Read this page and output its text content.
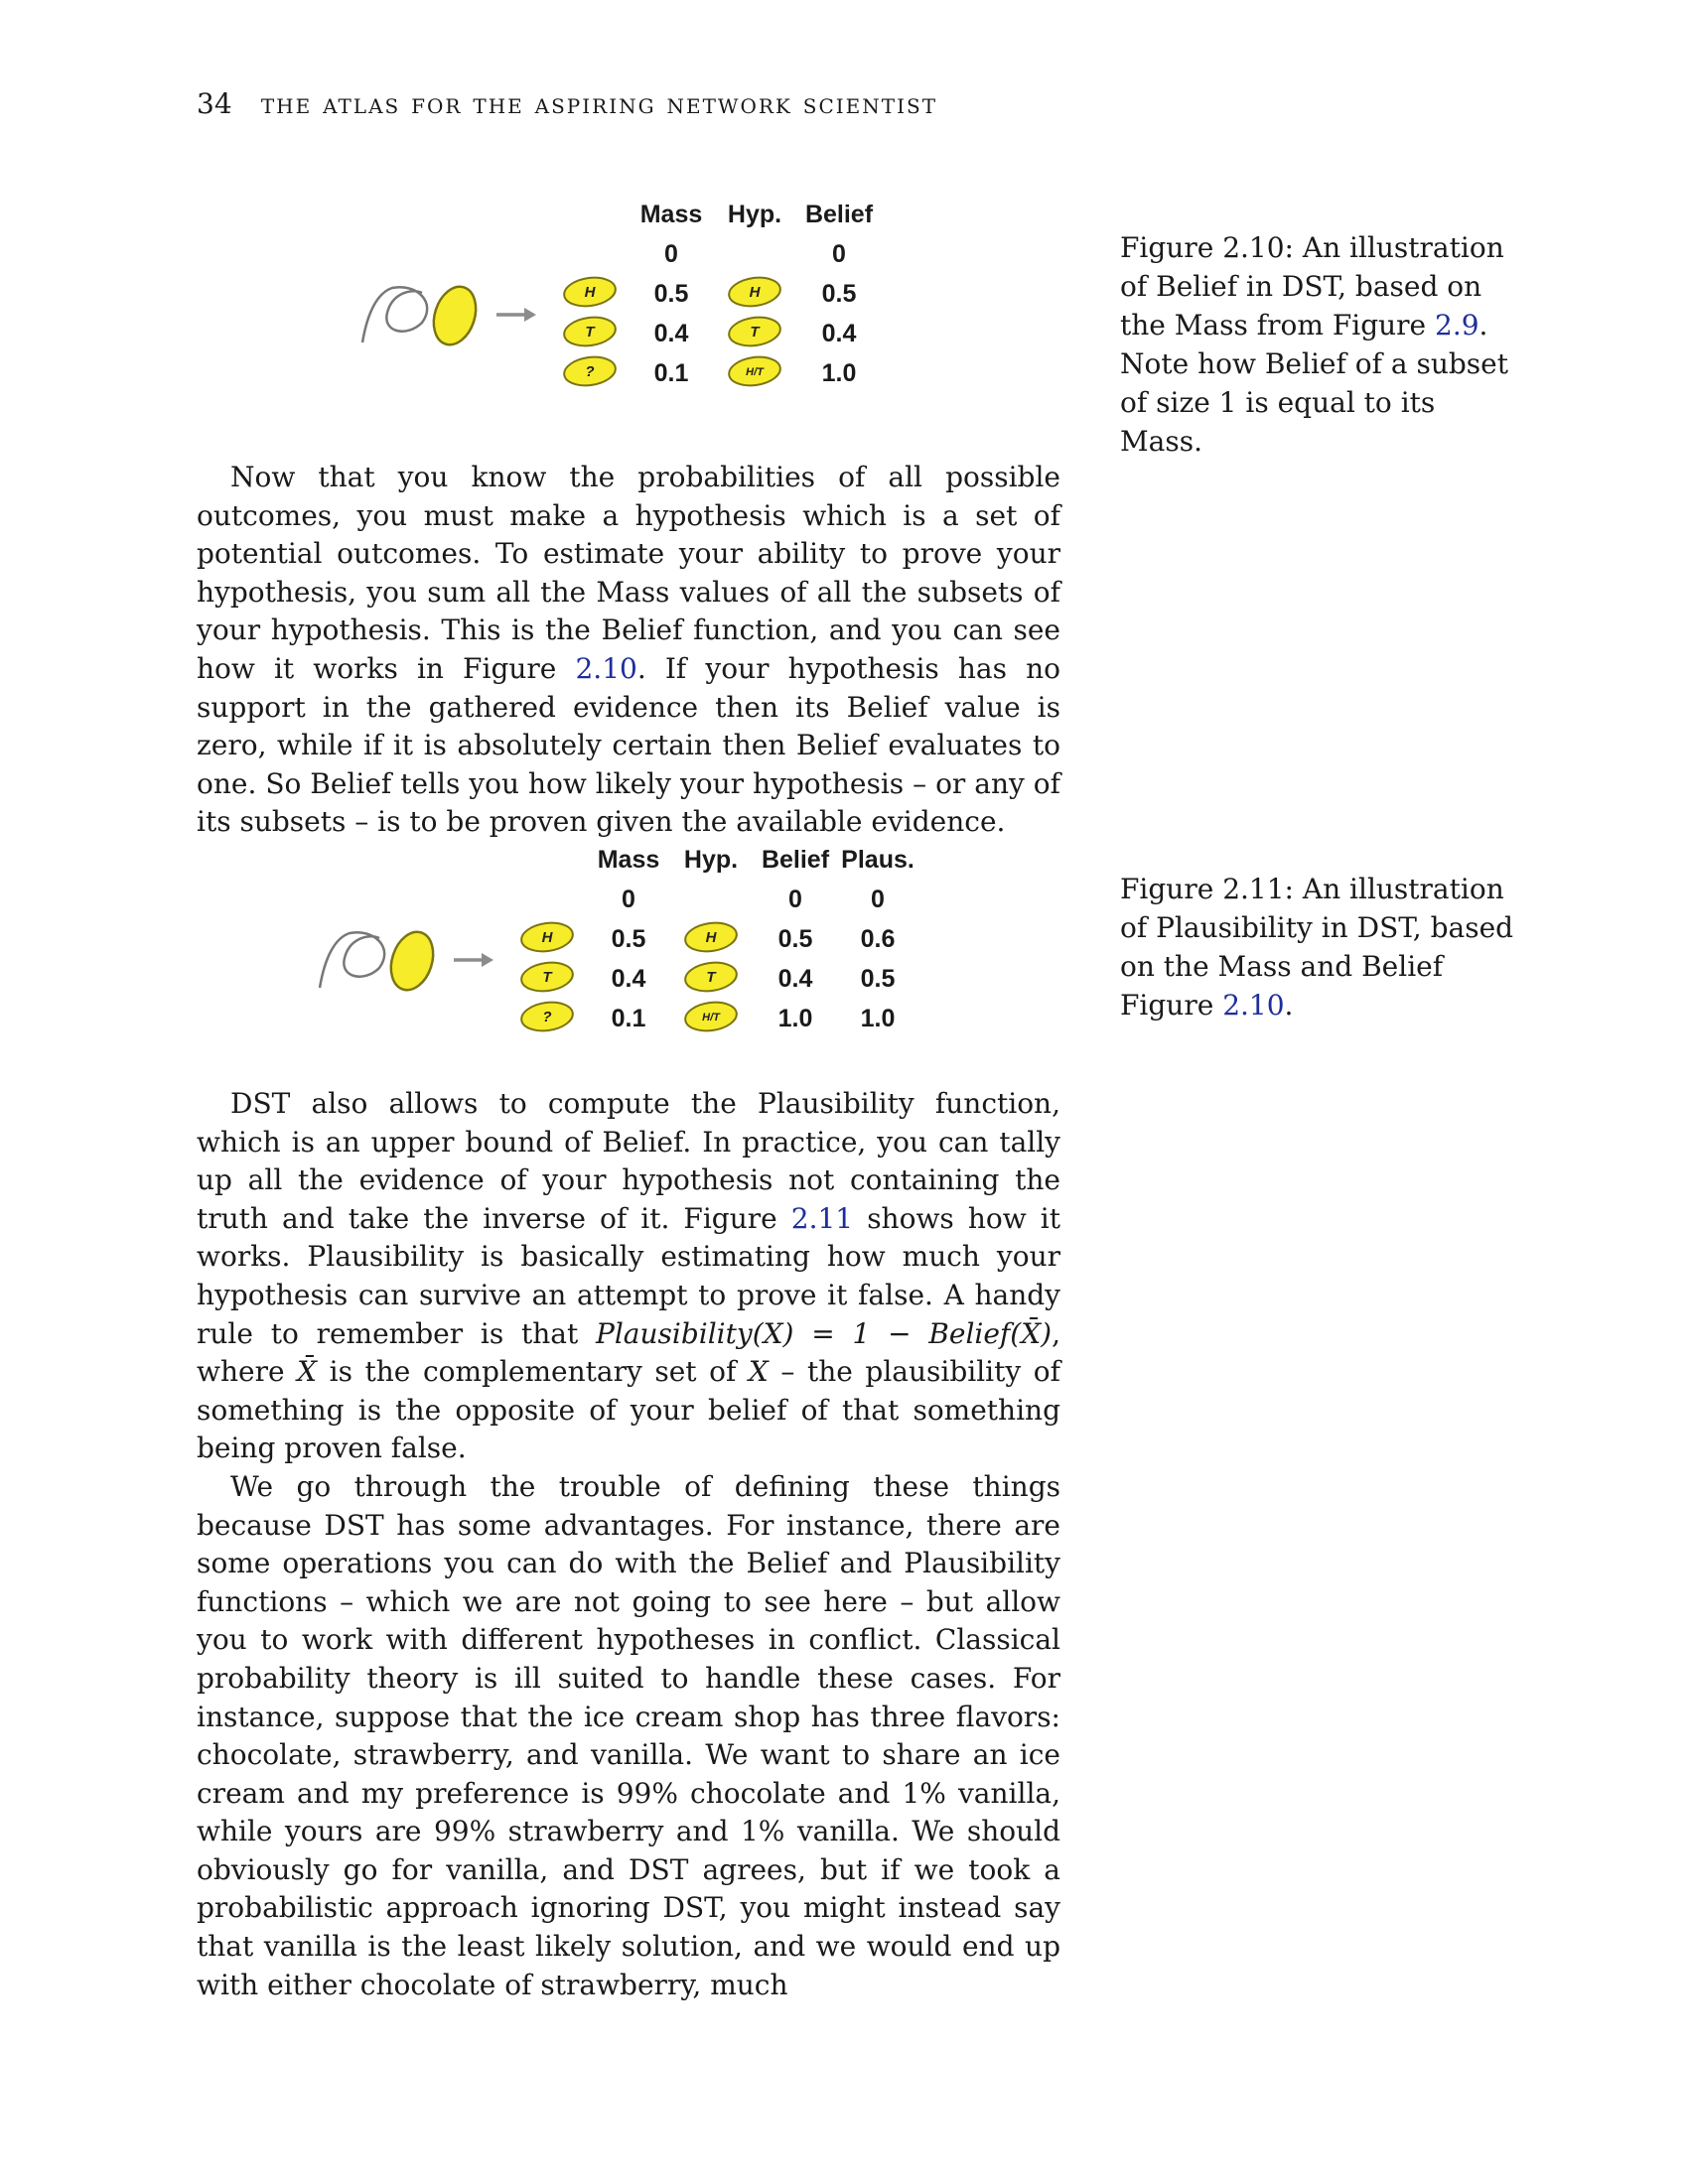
34 the atlas for the aspiring network scientist
Mass Hyp. Belief
0
0.5
0.4
0.1
0
0.5
0.4
1.0
H
T
?
H
T
H/T
Figure 2.10: An illustration of Belief in DST, based on the Mass from Figure 2.9. Note how Belief of a subset of size 1 is equal to its Mass.

Now that you know the probabilities of all possible outcomes, you must make a hypothesis which is a set of potential outcomes. To estimate your ability to prove your hypothesis, you sum all the Mass values of all the subsets of your hypothesis. This is the Belief function, and you can see how it works in Figure 2.10. If your hypothesis has no support in the gathered evidence then its Belief value is zero, while if it is absolutely certain then Belief evaluates to one. So Belief tells you how likely your hypothesis – or any of its subsets – is to be proven given the available evidence.

Mass Hyp. Belief Plaus.
0
0.5
0.4
0.1
0
0.5
0.4
1.0
0
0.6
0.5
1.0
H
T
?
H
T
H/T
Figure 2.11: An illustration of Plausibility in DST, based on the Mass and Belief Figure 2.10.

DST also allows to compute the Plausibility function, which is an upper bound of Belief. In practice, you can tally up all the evidence of your hypothesis not containing the truth and take the inverse of it. Figure 2.11 shows how it works. Plausibility is basically estimating how much your hypothesis can survive an attempt to prove it false. A handy rule to remember is that Plausibility(X) = 1 − Belief(X̄), where X̄ is the complementary set of X – the plausibility of something is the opposite of your belief of that something being proven false.

We go through the trouble of defining these things because DST has some advantages. For instance, there are some operations you can do with the Belief and Plausibility functions – which we are not going to see here – but allow you to work with different hypotheses in conflict. Classical probability theory is ill suited to handle these cases. For instance, suppose that the ice cream shop has three flavors: chocolate, strawberry, and vanilla. We want to share an ice cream and my preference is 99% chocolate and 1% vanilla, while yours are 99% strawberry and 1% vanilla. We should obviously go for vanilla, and DST agrees, but if we took a probabilistic approach ignoring DST, you might instead say that vanilla is the least likely solution, and we would end up with either chocolate of strawberry, much
